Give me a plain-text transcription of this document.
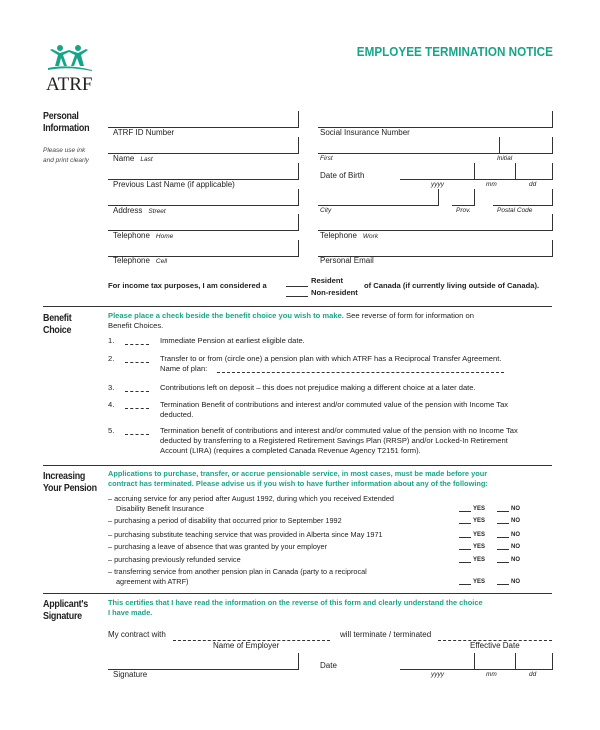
ATRF
EMPLOYEE TERMINATION NOTICE
Personal
Information
Please use ink
and print clearly
ATRF ID Number	Social Insurance Number
Name Last	First	Initial
Previous Last Name (if applicable)
Date of Birth
yyyy	mm	dd
Address Street	City	Prov.	Postal Code
Telephone Home	Telephone Work
Telephone Cell	Personal Email
For income tax purposes, I am considered a
Resident
Non-resident
of Canada (if currently living outside of Canada).
Benefit
Choice
Please place a check beside the benefit choice you wish to make. See reverse of form for information on
Benefit Choices.
1.	Immediate Pension at earliest eligible date.
2.	Transfer to or from (circle one) a pension plan with which ATRF has a Reciprocal Transfer Agreement.
Name of plan:
3.	Contributions left on deposit – this does not prejudice making a different choice at a later date.
4.	Termination Benefit of contributions and interest and/or commuted value of the pension with Income Tax
deducted.
5.	Termination benefit of contributions and interest and/or commuted value of the pension with no Income Tax
deducted by transferring to a Registered Retirement Savings Plan (RRSP) and/or Locked-In Retirement
Account (LIRA) (requires a completed Canada Revenue Agency T2151 form).
Increasing
Your Pension
Applications to purchase, transfer, or accrue pensionable service, in most cases, must be made before your
contract has terminated. Please advise us if you wish to have further information about any of the following:
– accruing service for any period after August 1992, during which you received Extended
Disability Benefit Insurance	YES	NO
– purchasing a period of disability that occurred prior to September 1992	YES	NO
– purchasing substitute teaching service that was provided in Alberta since May 1971	YES	NO
– purchasing a leave of absence that was granted by your employer	YES	NO
– purchasing previously refunded service	YES	NO
– transferring service from another pension plan in Canada (party to a reciprocal
agreement with ATRF)	YES	NO
Applicant's
Signature
This certifies that I have read the information on the reverse of this form and clearly understand the choice
I have made.
My contract with
Name of Employer
will terminate / terminated
Effective Date
Signature
Date
yyyy	mm	dd
